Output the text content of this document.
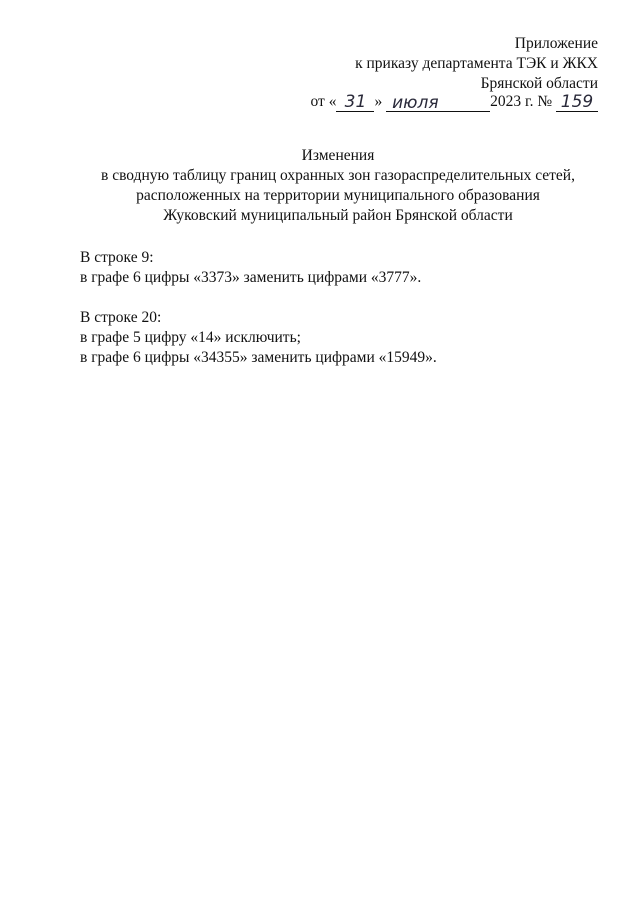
Приложение
к приказу департамента ТЭК и ЖКХ
Брянской области
от « 31 »
июля	2023 г. №
159
Изменения
в сводную таблицу границ охранных зон газораспределительных сетей,
расположенных на территории муниципального образования
Жуковский муниципальный район Брянской области
В строке 9:
в графе 6 цифры «3373» заменить цифрами «3777».
В строке 20:
в графе 5 цифру «14» исключить;
в графе 6 цифры «34355» заменить цифрами «15949».
